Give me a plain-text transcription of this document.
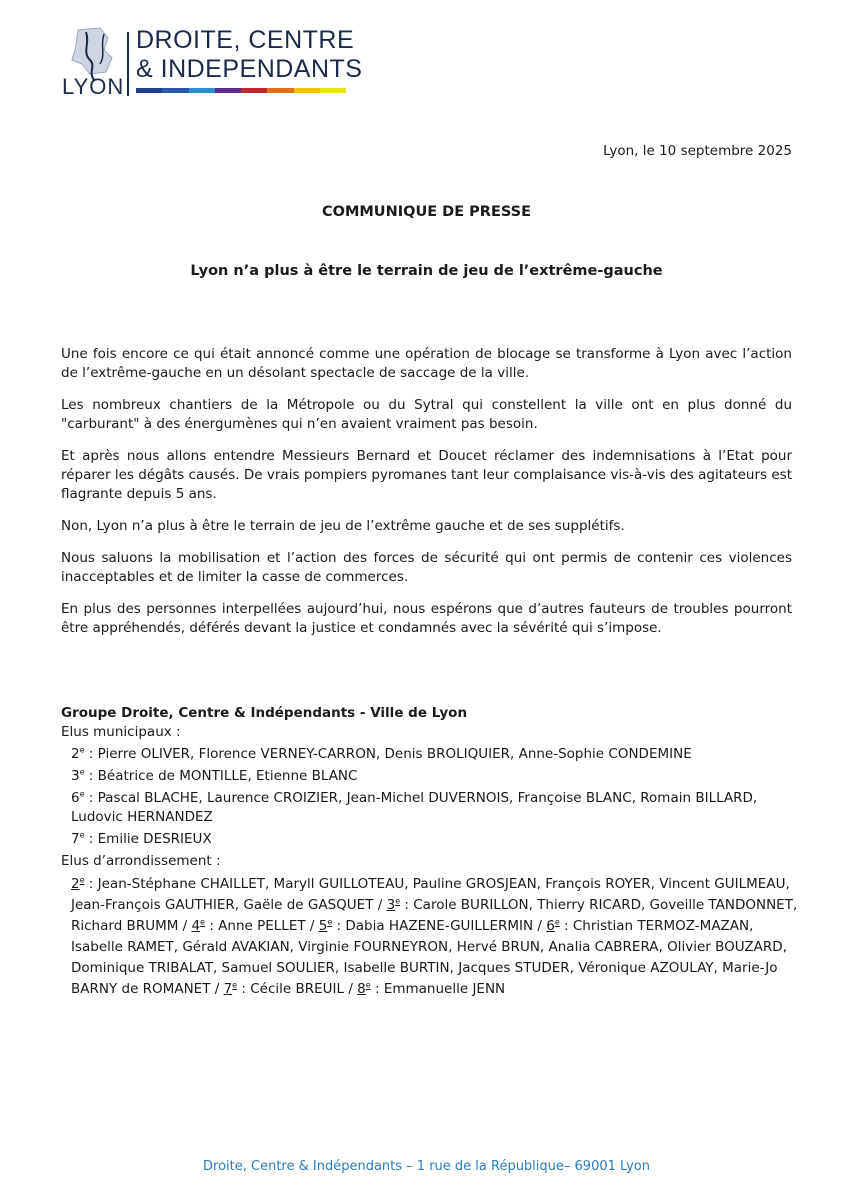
LYON
DROITE, CENTRE
& INDEPENDANTS
Lyon, le 10 septembre 2025
COMMUNIQUE DE PRESSE
Lyon n’a plus à être le terrain de jeu de l’extrême-gauche

Une fois encore ce qui était annoncé comme une opération de blocage se transforme à Lyon avec l’action de l’extrême-gauche en un désolant spectacle de saccage de la ville.

Les nombreux chantiers de la Métropole ou du Sytral qui constellent la ville ont en plus donné du "carburant" à des énergumènes qui n’en avaient vraiment pas besoin.

Et après nous allons entendre Messieurs Bernard et Doucet réclamer des indemnisations à l’Etat pour réparer les dégâts causés. De vrais pompiers pyromanes tant leur complaisance vis-à-vis des agitateurs est flagrante depuis 5 ans.

Non, Lyon n’a plus à être le terrain de jeu de l’extrême gauche et de ses supplétifs.

Nous saluons la mobilisation et l’action des forces de sécurité qui ont permis de contenir ces violences inacceptables et de limiter la casse de commerces.

En plus des personnes interpellées aujourd’hui, nous espérons que d’autres fauteurs de troubles pourront être appréhendés, déférés devant la justice et condamnés avec la sévérité qui s’impose.

Groupe Droite, Centre & Indépendants - Ville de Lyon
Elus municipaux :
2e : Pierre OLIVER, Florence VERNEY-CARRON, Denis BROLIQUIER, Anne-Sophie CONDEMINE
3e : Béatrice de MONTILLE, Etienne BLANC
6e : Pascal BLACHE, Laurence CROIZIER, Jean-Michel DUVERNOIS, Françoise BLANC, Romain BILLARD, Ludovic HERNANDEZ
7e : Emilie DESRIEUX
Elus d’arrondissement :
2e : Jean-Stéphane CHAILLET, Maryll GUILLOTEAU, Pauline GROSJEAN, François ROYER, Vincent GUILMEAU, Jean-François GAUTHIER, Gaële de GASQUET / 3e : Carole BURILLON, Thierry RICARD, Goveille TANDONNET, Richard BRUMM / 4e : Anne PELLET / 5e : Dabia HAZENE-GUILLERMIN / 6e : Christian TERMOZ-MAZAN, Isabelle RAMET, Gérald AVAKIAN, Virginie FOURNEYRON, Hervé BRUN, Analia CABRERA, Olivier BOUZARD, Dominique TRIBALAT, Samuel SOULIER, Isabelle BURTIN, Jacques STUDER, Véronique AZOULAY, Marie-Jo BARNY de ROMANET / 7e : Cécile BREUIL / 8e : Emmanuelle JENN
Droite, Centre & Indépendants – 1 rue de la République– 69001 Lyon
